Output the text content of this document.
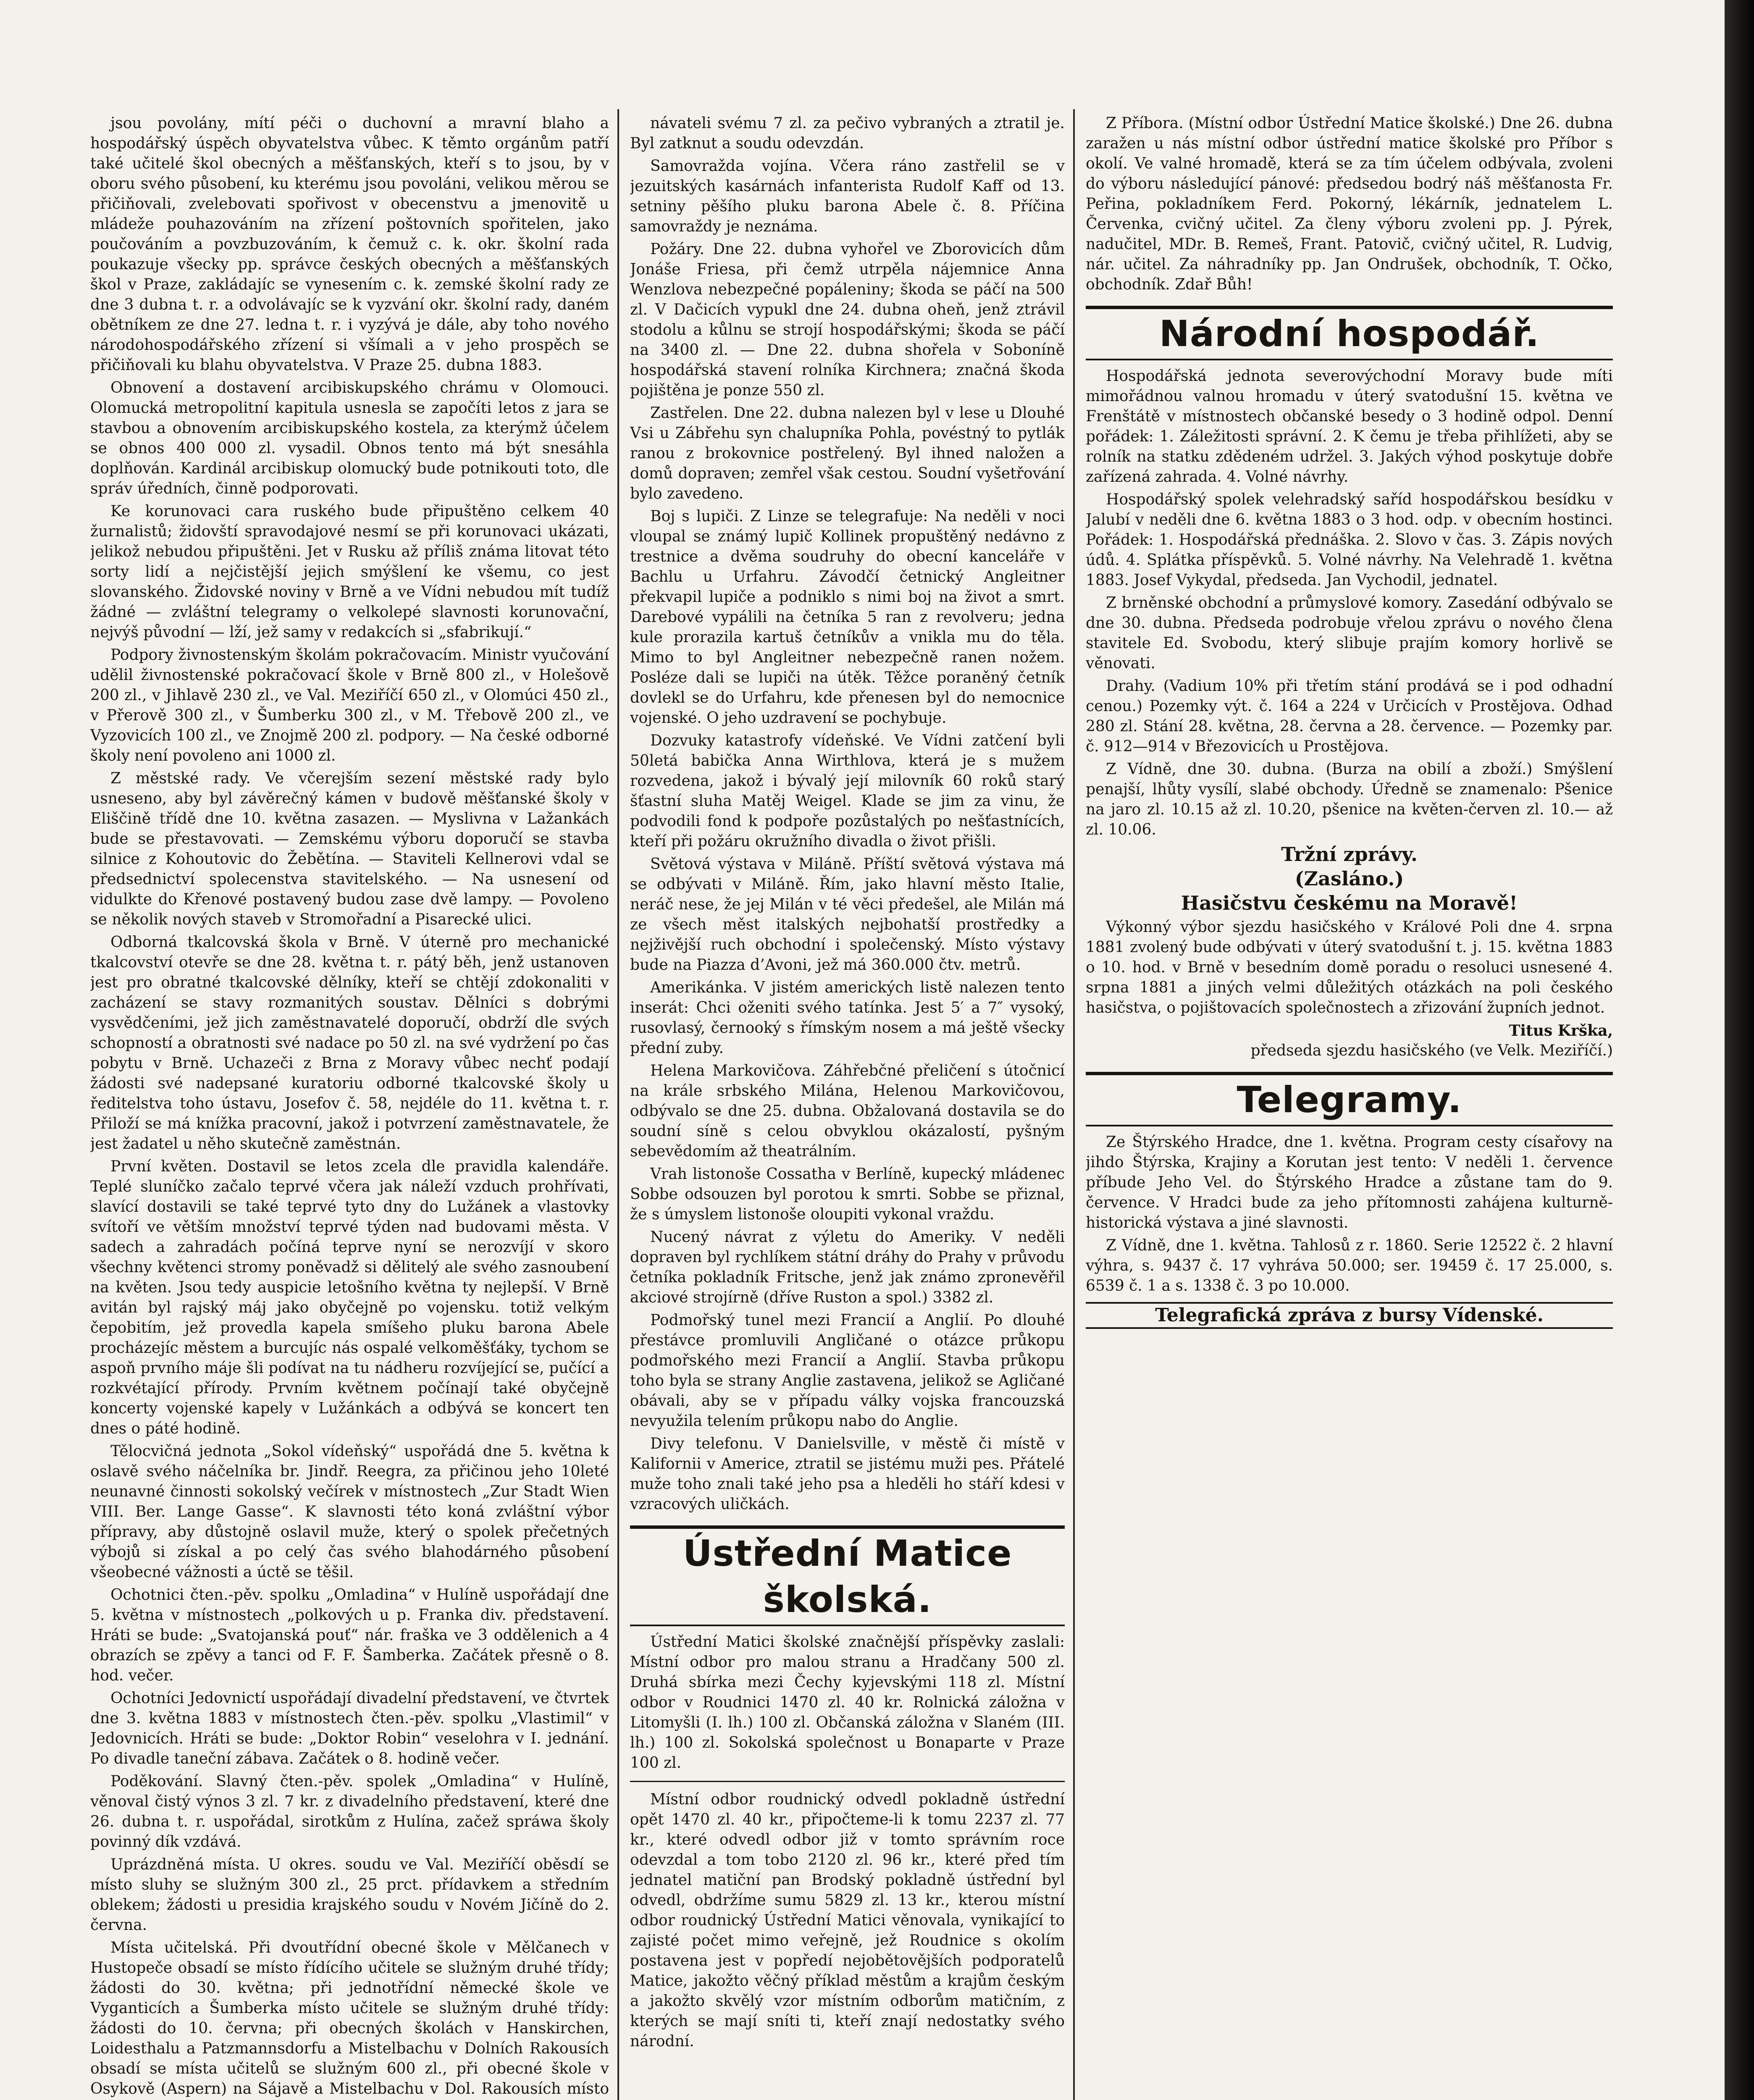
jsou povolány, mítí péči o duchovní a mravní blaho a hospodářský úspěch obyvatelstva vůbec. K těmto orgánům patří také učitelé škol obecných a měšťanských, kteří s to jsou, by v oboru svého působení, ku kterému jsou povoláni, velikou měrou se přičiňovali, zvelebovati spořivost v obecenstvu a jmenovitě u mládeže pouhazováním na zřízení poštovních spořitelen, jako poučováním a povzbuzováním, k čemuž c. k. okr. školní rada poukazuje všecky pp. správce českých obecných a měšťanských škol v Praze, zakládajíc se vynesením c. k. zemské školní rady ze dne 3 dubna t. r. a odvolávajíc se k vyzvání okr. školní rady, daném obětníkem ze dne 27. ledna t. r. i vyzývá je dále, aby toho nového národohospodářského zřízení si všímali a v jeho prospěch se přičiňovali ku blahu obyvatelstva. V Praze 25. dubna 1883.

Obnovení a dostavení arcibiskupského chrámu v Olomouci. Olomucká metropolitní kapitula usnesla se započíti letos z jara se stavbou a obnovením arcibiskupského kostela, za kterýmž účelem se obnos 400 000 zl. vysadil. Obnos tento má být snesáhla doplňován. Kardinál arcibiskup olomucký bude potnikouti toto, dle správ úředních, činně podporovati.

Ke korunovaci cara ruského bude připuštěno celkem 40 žurnalistů; židovští spravodajové nesmí se při korunovaci ukázati, jelikož nebudou připuštěni. Jet v Rusku až příliš známa litovat této sorty lidí a nejčistější jejich smýšlení ke všemu, co jest slovanského. Židovské noviny v Brně a ve Vídni nebudou mít tudíž žádné — zvláštní telegramy o velkolepé slavnosti korunovační, nejvýš původní — lží, jež samy v redakcích si „sfabrikují.“

Podpory živnostenským školám pokračovacím. Ministr vyučování udělil živnostenské pokračovací škole v Brně 800 zl., v Holešově 200 zl., v Jihlavě 230 zl., ve Val. Meziříčí 650 zl., v Olomúci 450 zl., v Přerově 300 zl., v Šumberku 300 zl., v M. Třebově 200 zl., ve Vyzovicích 100 zl., ve Znojmě 200 zl. podpory. — Na české odborné školy není povoleno ani 1000 zl.

Z městské rady. Ve včerejším sezení městské rady bylo usneseno, aby byl závěrečný kámen v budově měšťanské školy v Eliščině třídě dne 10. května zasazen. — Myslivna v Lažankách bude se přestavovati. — Zemskému výboru doporučí se stavba silnice z Kohoutovic do Žebětína. — Staviteli Kellnerovi vdal se předsednictví spolecenstva stavitelského. — Na usnesení od vidulkte do Křenové postavený budou zase dvě lampy. — Povoleno se několik nových staveb v Stromořadní a Pisarecké ulici.

Odborná tkalcovská škola v Brně. V úterně pro mechanické tkalcovství otevře se dne 28. května t. r. pátý běh, jenž ustanoven jest pro obratné tkalcovské dělníky, kteří se chtějí zdokonaliti v zacházení se stavy rozmanitých soustav. Dělníci s dobrými vysvědčeními, jež jich zaměstnavatelé doporučí, obdrží dle svých schopností a obratnosti své nadace po 50 zl. na své vydržení po čas pobytu v Brně. Uchazeči z Brna z Moravy vůbec nechť podají žádosti své nadepsané kuratoriu odborné tkalcovské školy u ředitelstva toho ústavu, Josefov č. 58, nejdéle do 11. května t. r. Přiloží se má knížka pracovní, jakož i potvrzení zaměstnavatele, že jest žadatel u něho skutečně zaměstnán.

První květen. Dostavil se letos zcela dle pravidla kalendáře. Teplé sluníčko začalo teprvé včera jak náleží vzduch prohřívati, slavící dostavili se také teprvé tyto dny do Lužánek a vlastovky svítoří ve větším množství teprvé týden nad budovami města. V sadech a zahradách počíná teprve nyní se nerozvíjí v skoro všechny květenci stromy poněvadž si dělitelý ale svého zasnoubení na květen. Jsou tedy auspicie letošního května ty nejlepší. V Brně avitán byl rajský máj jako obyčejně po vojensku. totiž velkým čepobitím, jež provedla kapela smíšeho pluku barona Abele procházejíc městem a burcujíc nás ospalé velkoměšťáky, tychom se aspoň prvního máje šli podívat na tu nádheru rozvíjející se, pučící a rozkvétající přírody. Prvním květnem počínají také obyčejně koncerty vojenské kapely v Lužánkách a odbývá se koncert ten dnes o páté hodině.

Tělocvičná jednota „Sokol vídeňský“ uspořádá dne 5. května k oslavě svého náčelníka br. Jindř. Reegra, za přičinou jeho 10leté neunavné činnosti sokolský večírek v místnostech „Zur Stadt Wien VIII. Ber. Lange Gasse“. K slavnosti této koná zvláštní výbor přípravy, aby důstojně oslavil muže, který o spolek přečetných výbojů si získal a po celý čas svého blahodárného působení všeobecné vážnosti a úctě se těšil.

Ochotnici čten.-pěv. spolku „Omladina“ v Hulíně uspořádají dne 5. května v místnostech „polkových u p. Franka div. představení. Hráti se bude: „Svatojanská pouť“ nár. fraška ve 3 oddělenich a 4 obrazích se zpěvy a tanci od F. F. Šamberka. Začátek přesně o 8. hod. večer.

Ochotníci Jedovnictí uspořádají divadelní představení, ve čtvrtek dne 3. května 1883 v místnostech čten.-pěv. spolku „Vlastimil“ v Jedovnicích. Hráti se bude: „Doktor Robin“ veselohra v I. jednání. Po divadle taneční zábava. Začátek o 8. hodině večer.

Poděkování. Slavný čten.-pěv. spolek „Omladina“ v Hulíně, věnoval čistý výnos 3 zl. 7 kr. z divadelního představení, které dne 26. dubna t. r. uspořádal, sirotkům z Hulína, začež spráwa školy povinný dík vzdává.

Uprázdněná místa. U okres. soudu ve Val. Meziříčí oběsdí se místo sluhy se služným 300 zl., 25 prct. přídavkem a středním oblekem; žádosti u presidia krajského soudu v Novém Jičíně do 2. června.

Místa učitelská. Při dvoutřídní obecné škole v Mělčanech v Hustopeče obsadí se místo řídícího učitele se služným druhé třídy; žádosti do 30. května; při jednotřídní německé škole ve Vyganticích a Šumberka místo učitele se služným druhé třídy: žádosti do 10. června; při obecných školách v Hanskirchen, Loidesthalu a Patzmannsdorfu a Mistelbachu v Dolních Rakousích obsadí se místa učitelů se služným 600 zl., při obecné škole v Osykově (Aspern) na Sájavě a Mistelbachu v Dol. Rakousích místo

návateli svému 7 zl. za pečivo vybraných a ztratil je. Byl zatknut a soudu odevzdán.

Samovražda vojína. Včera ráno zastřelil se v jezuitských kasárnách infanterista Rudolf Kaff od 13. setniny pěšího pluku barona Abele č. 8. Příčina samovraždy je neznáma.

Požáry. Dne 22. dubna vyhořel ve Zborovicích dům Jonáše Friesa, při čemž utrpěla nájemnice Anna Wenzlova nebezpečné popáleniny; škoda se páčí na 500 zl. V Dačicích vypukl dne 24. dubna oheň, jenž ztrávil stodolu a kůlnu se strojí hospodářskými; škoda se páčí na 3400 zl. — Dne 22. dubna shořela v Soboníně hospodářská stavení rolníka Kirchnera; značná škoda pojištěna je ponze 550 zl.

Zastřelen. Dne 22. dubna nalezen byl v lese u Dlouhé Vsi u Zábřehu syn chalupníka Pohla, povéstný to pytlák ranou z brokovnice postřelený. Byl ihned naložen a domů dopraven; zemřel však cestou. Soudní vyšetřování bylo zavedeno.

Boj s lupiči. Z Linze se telegrafuje: Na neděli v noci vloupal se známý lupič Kollinek propuštěný nedávno z trestnice a dvěma soudruhy do obecní kanceláře v Bachlu u Urfahru. Závodčí četnický Angleitner překvapil lupiče a podniklo s nimi boj na život a smrt. Darebové vypálili na četníka 5 ran z revolveru; jedna kule prorazila kartuš četníkův a vnikla mu do těla. Mimo to byl Angleitner nebezpečně ranen nožem. Posléze dali se lupiči na útěk. Těžce poraněný četník dovlekl se do Urfahru, kde přenesen byl do nemocnice vojenské. O jeho uzdravení se pochybuje.

Dozvuky katastrofy vídeňské. Ve Vídni zatčení byli 50letá babička Anna Wirthlova, která je s mužem rozvedena, jakož i bývalý její milovník 60 roků starý šťastní sluha Matěj Weigel. Klade se jim za vinu, že podvodili fond k podpoře pozůstalých po nešťastnících, kteří při požáru okružního divadla o život přišli.

Světová výstava v Miláně. Příští světová výstava má se odbývati v Miláně. Řím, jako hlavní město Italie, neráč nese, že jej Milán v té věci předešel, ale Milán má ze všech měst italských nejbohatší prostředky a nejživější ruch obchodní i společenský. Místo výstavy bude na Piazza d’Avoni, jež má 360.000 čtv. metrů.

Amerikánka. V jistém amerických listě nalezen tento inserát: Chci oženiti svého tatínka. Jest 5′ a 7″ vysoký, rusovlasý, černooký s římským nosem a má ještě všecky přední zuby.

Helena Markovičova. Záhřebčné přeličení s útočnicí na krále srbského Milána, Helenou Markovičovou, odbývalo se dne 25. dubna. Obžalovaná dostavila se do soudní síně s celou obvyklou okázalostí, pyšným sebevědomím až theatrálním.

Vrah listonoše Cossatha v Berlíně, kupecký mládenec Sobbe odsouzen byl porotou k smrti. Sobbe se přiznal, že s úmyslem listonoše oloupiti vykonal vraždu.

Nucený návrat z výletu do Ameriky. V neděli dopraven byl rychlíkem státní dráhy do Prahy v průvodu četníka pokladník Fritsche, jenž jak známo zpronevěřil akciové strojírně (dříve Ruston a spol.) 3382 zl.

Podmořský tunel mezi Francií a Anglií. Po dlouhé přestávce promluvili Angličané o otázce průkopu podmořského mezi Francií a Anglií. Stavba průkopu toho byla se strany Anglie zastavena, jelikož se Agličané obávali, aby se v případu války vojska francouzská nevyužila telením průkopu nabo do Anglie.

Divy telefonu. V Danielsville, v městě či místě v Kalifornii v Americe, ztratil se jistému muži pes. Přátelé muže toho znali také jeho psa a hleděli ho stáří kdesi v vzracových uličkách.

Ústřední Matice školská.

Ústřední Matici školské značnější příspěvky zaslali: Místní odbor pro malou stranu a Hradčany 500 zl. Druhá sbírka mezi Čechy kyjevskými 118 zl. Místní odbor v Roudnici 1470 zl. 40 kr. Rolnická záložna v Litomyšli (I. lh.) 100 zl. Občanská záložna v Slaném (III. lh.) 100 zl. Sokolská společnost u Bonaparte v Praze 100 zl.

Místní odbor roudnický odvedl pokladně ústřední opět 1470 zl. 40 kr., připočteme-li k tomu 2237 zl. 77 kr., které odvedl odbor již v tomto správním roce odevzdal a tom tobo 2120 zl. 96 kr., které před tím jednatel matiční pan Brodský pokladně ústřední byl odvedl, obdržíme sumu 5829 zl. 13 kr., kterou místní odbor roudnický Ústřední Matici věnovala, vynikající to zajisté počet mimo veřejně, jež Roudnice s okolím postavena jest v popředí nejobětovějších podporatelů Matice, jakožto věčný příklad městům a krajům českým a jakožto skvělý vzor místním odborům matičním, z kterých se mají sníti ti, kteří znají nedostatky svého národní.

Z Příbora. (Místní odbor Ústřední Matice školské.) Dne 26. dubna zaražen u nás místní odbor ústřední matice školské pro Příbor s okolí. Ve valné hromadě, která se za tím účelem odbývala, zvoleni do výboru následující pánové: předsedou bodrý náš měšťanosta Fr. Peřina, pokladníkem Ferd. Pokorný, lékárník, jednatelem L. Červenka, cvičný učitel. Za členy výboru zvoleni pp. J. Pýrek, nadučitel, MDr. B. Remeš, Frant. Patovič, cvičný učitel, R. Ludvig, nár. učitel. Za náhradníky pp. Jan Ondrušek, obchodník, T. Očko, obchodník. Zdař Bůh!

Národní hospodář.

Hospodářská jednota severovýchodní Moravy bude míti mimořádnou valnou hromadu v úterý svatodušní 15. května ve Frenštátě v místnostech občanské besedy o 3 hodině odpol. Denní pořádek: 1. Záležitosti správní. 2. K čemu je třeba přihlížeti, aby se rolník na statku zdědeném udržel. 3. Jakých výhod poskytuje dobře zařízená zahrada. 4. Volné návrhy.

Hospodářský spolek velehradský saříd hospodářskou besídku v Jalubí v neděli dne 6. května 1883 o 3 hod. odp. v obecním hostinci. Pořádek: 1. Hospodářská přednáška. 2. Slovo v čas. 3. Zápis nových údů. 4. Splátka příspěvků. 5. Volné návrhy. Na Velehradě 1. května 1883. Josef Vykydal, předseda. Jan Vychodil, jednatel.

Z brněnské obchodní a průmyslové komory. Zasedání odbývalo se dne 30. dubna. Předseda podrobuje vřelou zprávu o nového člena stavitele Ed. Svobodu, který slibuje prajím komory horlivě se věnovati.

Drahy. (Vadium 10% při třetím stání prodává se i pod odhadní cenou.) Pozemky výt. č. 164 a 224 v Určicích v Prostějova. Odhad 280 zl. Stání 28. května, 28. června a 28. července. — Pozemky par. č. 912—914 v Březovicích u Prostějova.

Z Vídně, dne 30. dubna. (Burza na obilí a zboží.) Smýšlení penajší, lhůty vysílí, slabé obchody. Úředně se znamenalo: Pšenice na jaro zl. 10.15 až zl. 10.20, pšenice na květen-červen zl. 10.— až zl. 10.06.

Tržní zprávy.
(Zasláno.)
Hasičstvu českému na Moravě!

Výkonný výbor sjezdu hasičského v Králové Poli dne 4. srpna 1881 zvolený bude odbývati v úterý svatodušní t. j. 15. května 1883 o 10. hod. v Brně v besedním domě poradu o resoluci usnesené 4. srpna 1881 a jiných velmi důležitých otázkách na poli českého hasičstva, o pojištovacích společnostech a zřizování župních jednot.

Titus Krška,
předseda sjezdu hasičského (ve Velk. Meziříčí.)
Telegramy.

Ze Štýrského Hradce, dne 1. května. Program cesty císařovy na jihdo Štýrska, Krajiny a Korutan jest tento: V neděli 1. července příbude Jeho Vel. do Štýrského Hradce a zůstane tam do 9. července. V Hradci bude za jeho přítomnosti zahájena kulturně-historická výstava a jiné slavnosti.

Z Vídně, dne 1. května. Tahlosů z r. 1860. Serie 12522 č. 2 hlavní výhra, s. 9437 č. 17 vyhráva 50.000; ser. 19459 č. 17 25.000, s. 6539 č. 1 a s. 1338 č. 3 po 10.000.

Telegrafická zpráva z bursy Vídenské.
